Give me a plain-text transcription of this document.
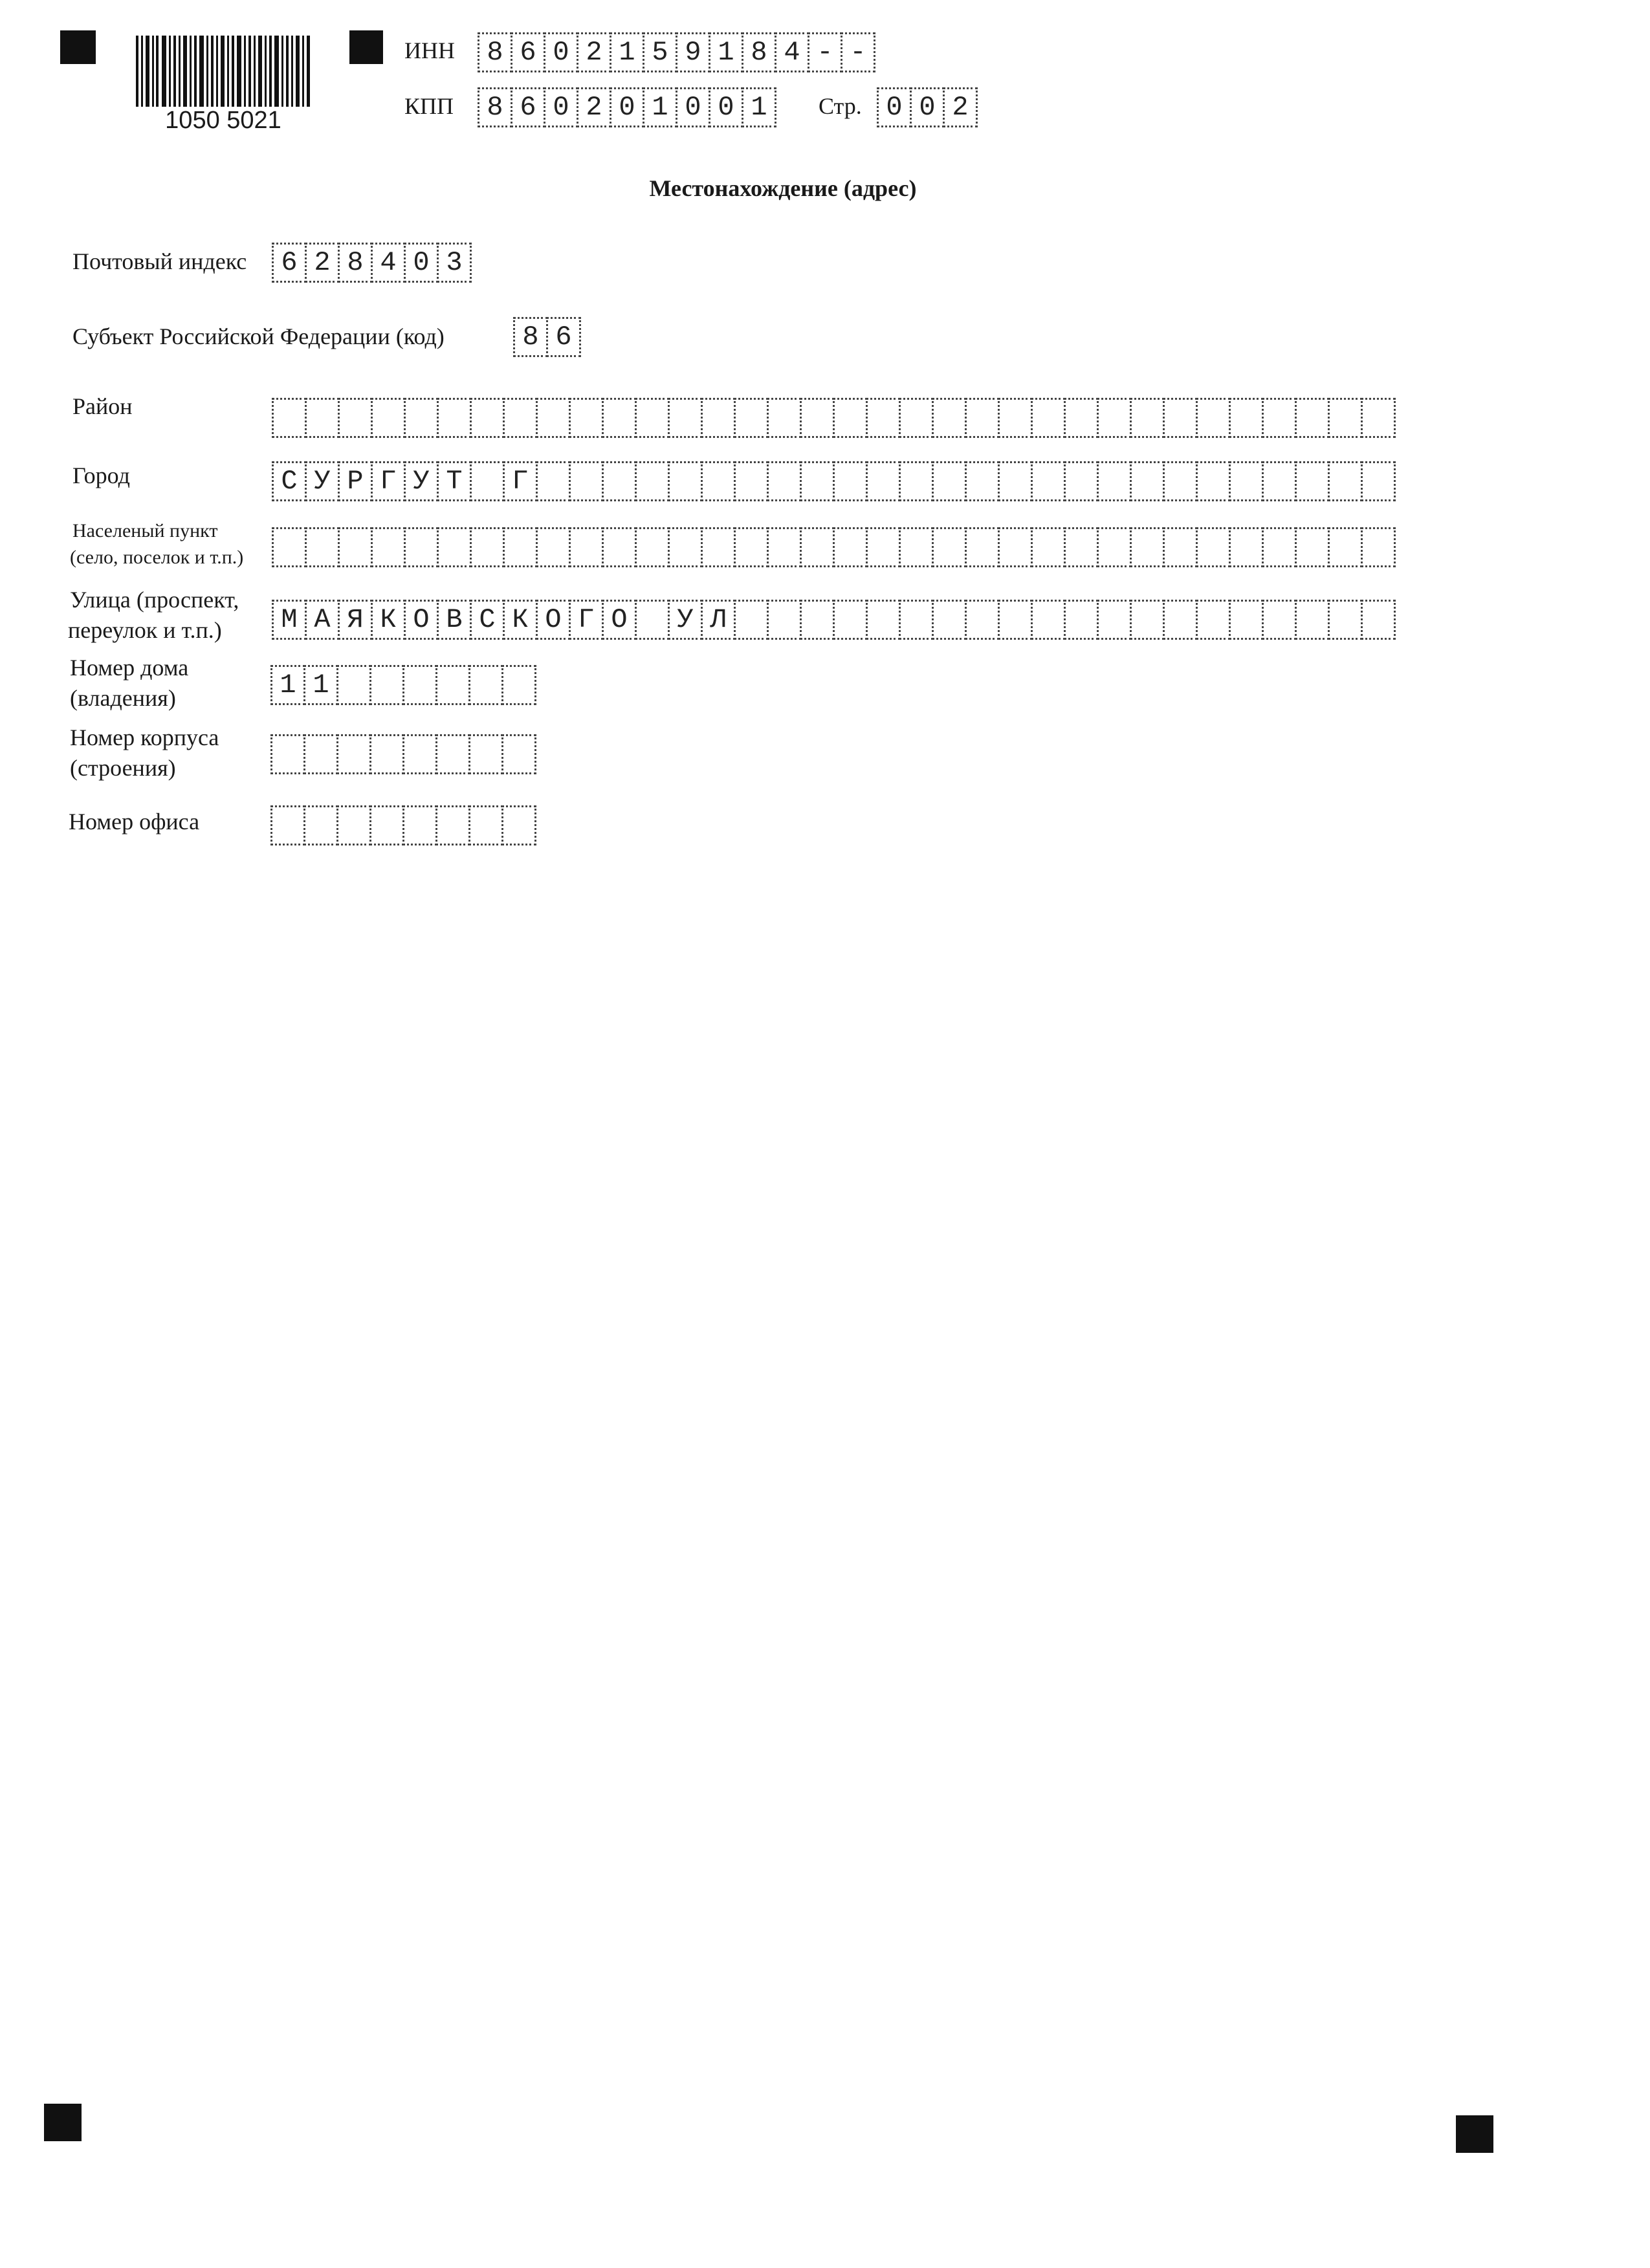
1050 5021
ИНН	8 6 0 2 1 5 9 1 8 4 - -
КПП	8 6 0 2 0 1 0 0 1	Стр. 0 0 2
Местонахождение (адрес)
Почтовый индекс	6 2 8 4 0 3
Субъект Российской Федерации (код)	8 6
Район
Город	С У Р Г У Т	Г
Населеный пункт
(село, поселок и т.п.)
Улица (проспект,
переулок и т.п.)	М А Я К О В С К О Г О	У Л
Номер дома
(владения)	1 1
Номер корпуса
(строения)
Номер офиса
